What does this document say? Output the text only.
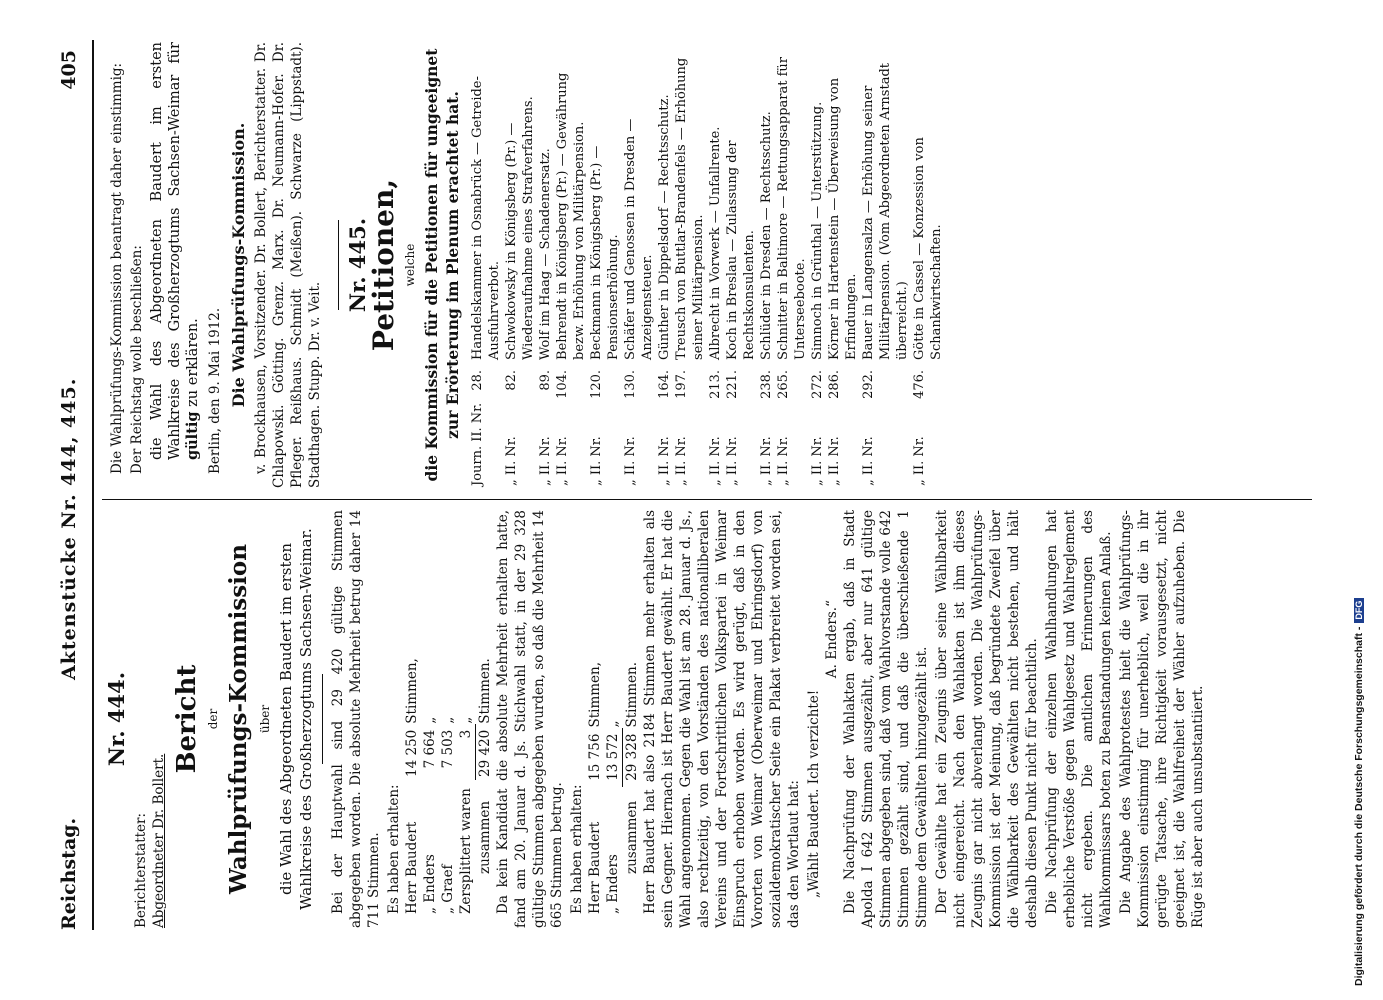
Reichstag.
Aktenstücke Nr. 444, 445.
405
Nr. 444.
Berichterstatter: Abgeordneter Dr. Bollert.
Bericht der Wahlprüfungs-Kommission über die Wahl des Abgeordneten Baudert im ersten Wahlkreise des Großherzogtums Sachsen-Weimar. Bei der Hauptwahl sind 29 420 gültige Stimmen abgegeben worden. Die absolute Mehrheit betrug daher 14 711 Stimmen. Es haben erhalten: Herr Baudert	14 250	Stimmen,
„ Enders	7 664	„
„ Graef	7 503	„
Zersplittert waren	3	„
zusammen	29 420	Stimmen. Da kein Kandidat die absolute Mehrheit erhalten hatte, fand am 20. Januar d. Js. Stichwahl statt, in der 29 328 gültige Stimmen abgegeben wurden, so daß die Mehrheit 14 665 Stimmen betrug. Es haben erhalten: Herr Baudert	15 756	Stimmen,
„ Enders	13 572	„
zusammen	29 328	Stimmen. Herr Baudert hat also 2184 Stimmen mehr erhalten als sein Gegner. Hiernach ist Herr Baudert gewählt. Er hat die Wahl angenommen. Gegen die Wahl ist am 28. Januar d. Js., also rechtzeitig, von den Vorständen des nationalliberalen Vereins und der Fortschrittlichen Volkspartei in Weimar Einspruch erhoben worden. Es wird gerügt, daß in den Vororten von Weimar (Oberweimar und Ehringsdorf) von sozialdemokratischer Seite ein Plakat verbreitet worden sei, das den Wortlaut hat: „Wählt Baudert. Ich verzichte!
A. Enders.“ Die Nachprüfung der Wahlakten ergab, daß in Stadt Apolda I 642 Stimmen ausgezählt, aber nur 641 gültige Stimmen abgegeben sind, daß vom Wahlvorstande volle 642 Stimmen gezählt sind, und daß die überschießende 1 Stimme dem Gewählten hinzugezählt ist. Der Gewählte hat ein Zeugnis über seine Wählbarkeit nicht eingereicht. Nach den Wahlakten ist ihm dieses Zeugnis gar nicht abverlangt worden. Die Wahlprüfungs-Kommission ist der Meinung, daß begründete Zweifel über die Wählbarkeit des Gewählten nicht bestehen, und hält deshalb diesen Punkt nicht für beachtlich. Die Nachprüfung der einzelnen Wahlhandlungen hat erhebliche Verstöße gegen Wahlgesetz und Wahlreglement nicht ergeben. Die amtlichen Erinnerungen des Wahlkommissars boten zu Beanstandungen keinen Anlaß. Die Angabe des Wahlprotestes hielt die Wahlprüfungs-Kommission einstimmig für unerheblich, weil die in ihr gerügte Tatsache, ihre Richtigkeit vorausgesetzt, nicht geeignet ist, die Wahlfreiheit der Wähler aufzuheben. Die Rüge ist aber auch unsubstantiiert.

Die Wahlprüfungs-Kommission beantragt daher einstimmig: Der Reichstag wolle beschließen: die Wahl des Abgeordneten Baudert im ersten Wahlkreise des Großherzogtums Sachsen-Weimar für gültig zu erklären. Berlin, den 9. Mai 1912. Die Wahlprüfungs-Kommission. v. Brockhausen, Vorsitzender. Dr. Bollert, Berichterstatter. Dr. Chlapowski. Götting. Grenz. Marx. Dr. Neumann-Hofer. Dr. Pfleger. Reißhaus. Schmidt (Meißen). Schwarze (Lippstadt). Stadthagen. Stupp. Dr. v. Veit.

Nr. 445.
Petitionen, welche die Kommission für die Petitionen für ungeeignet zur Erörterung im Plenum erachtet hat.
Journ. II. Nr.	28.	Handelskammer in Osnabrück — Getreide-Ausfuhrverbot.
„ II. Nr.	82.	Schwokowsky in Königsberg (Pr.) — Wiederaufnahme eines Strafverfahrens.
„ II. Nr.	89.	Wolf im Haag — Schadenersatz.
„ II. Nr.	104.	Behrendt in Königsberg (Pr.) — Gewährung bezw. Erhöhung von Militärpension.
„ II. Nr.	120.	Beckmann in Königsberg (Pr.) — Pensionserhöhung.
„ II. Nr.	130.	Schäfer und Genossen in Dresden — Anzeigensteuer.
„ II. Nr.	164.	Günther in Dippelsdorf — Rechtsschutz.
„ II. Nr.	197.	Treusch von Buttlar-Brandenfels — Erhöhung seiner Militärpension.
„ II. Nr.	213.	Albrecht in Vorwerk — Unfallrente.
„ II. Nr.	221.	Koch in Breslau — Zulassung der Rechtskonsulenten.
„ II. Nr.	238.	Schlüder in Dresden — Rechtsschutz.
„ II. Nr.	265.	Schnitter in Baltimore — Rettungsapparat für Unterseeboote.
„ II. Nr.	272.	Simnoch in Grünthal — Unterstützung.
„ II. Nr.	286.	Körner in Hartenstein — Überweisung von Erfindungen.
„ II. Nr.	292.	Bauer in Langensalza — Erhöhung seiner Militärpension. (Vom Abgeordneten Arnstadt überreicht.)
„ II. Nr.	476.	Götte in Cassel — Konzession von Schankwirtschaften.
Digitalisierung gefördert durch die Deutsche Forschungsgemeinschaft -DFG
